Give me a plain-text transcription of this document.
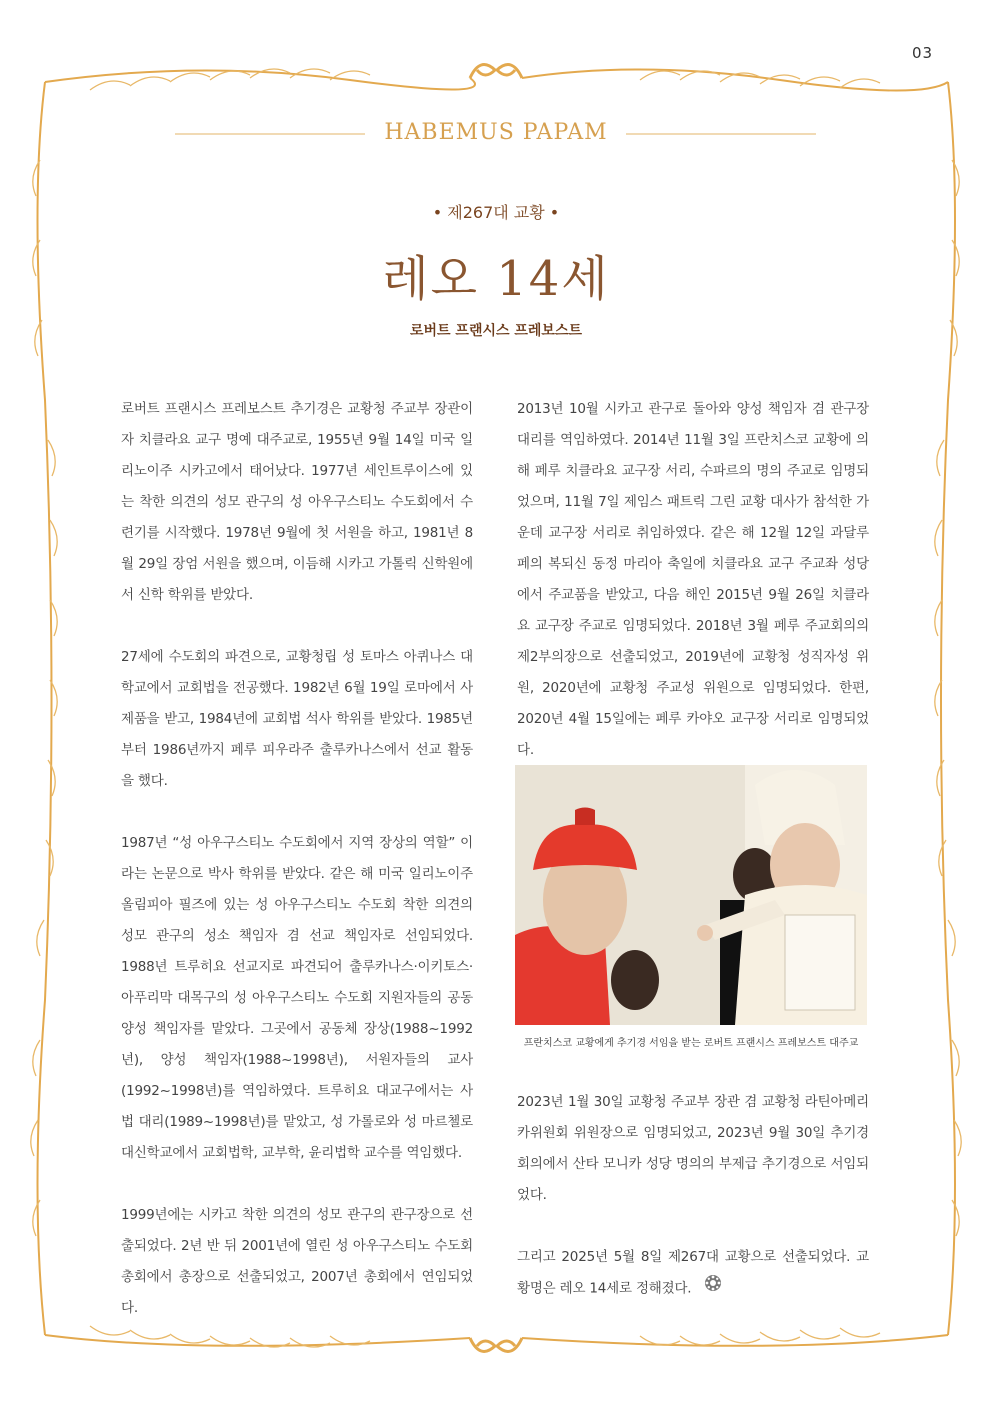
03
HABEMUS PAPAM
• 제267대 교황 •
레오 14세
로버트 프랜시스 프레보스트

로버트 프랜시스 프레보스트 추기경은 교황청 주교부 장관이자 치클라요 교구 명예 대주교로, 1955년 9월 14일 미국 일리노이주 시카고에서 태어났다. 1977년 세인트루이스에 있는 착한 의견의 성모 관구의 성 아우구스티노 수도회에서 수련기를 시작했다. 1978년 9월에 첫 서원을 하고, 1981년 8월 29일 장엄 서원을 했으며, 이듬해 시카고 가톨릭 신학원에서 신학 학위를 받았다.

27세에 수도회의 파견으로, 교황청립 성 토마스 아퀴나스 대학교에서 교회법을 전공했다. 1982년 6월 19일 로마에서 사제품을 받고, 1984년에 교회법 석사 학위를 받았다. 1985년부터 1986년까지 페루 피우라주 출루카나스에서 선교 활동을 했다.

1987년 “성 아우구스티노 수도회에서 지역 장상의 역할” 이라는 논문으로 박사 학위를 받았다. 같은 해 미국 일리노이주 올림피아 필즈에 있는 성 아우구스티노 수도회 착한 의견의 성모 관구의 성소 책임자 겸 선교 책임자로 선임되었다. 1988년 트루히요 선교지로 파견되어 출루카나스·이키토스·아푸리막 대목구의 성 아우구스티노 수도회 지원자들의 공동 양성 책임자를 맡았다. 그곳에서 공동체 장상(1988~1992년), 양성 책임자(1988~1998년), 서원자들의 교사(1992~1998년)를 역임하였다. 트루히요 대교구에서는 사법 대리(1989~1998년)를 맡았고, 성 가롤로와 성 마르첼로 대신학교에서 교회법학, 교부학, 윤리법학 교수를 역임했다.

1999년에는 시카고 착한 의견의 성모 관구의 관구장으로 선출되었다. 2년 반 뒤 2001년에 열린 성 아우구스티노 수도회 총회에서 총장으로 선출되었고, 2007년 총회에서 연임되었다.

2013년 10월 시카고 관구로 돌아와 양성 책임자 겸 관구장 대리를 역임하였다. 2014년 11월 3일 프란치스코 교황에 의해 페루 치클라요 교구장 서리, 수파르의 명의 주교로 임명되었으며, 11월 7일 제임스 패트릭 그린 교황 대사가 참석한 가운데 교구장 서리로 취임하였다. 같은 해 12월 12일 과달루페의 복되신 동정 마리아 축일에 치클라요 교구 주교좌 성당에서 주교품을 받았고, 다음 해인 2015년 9월 26일 치클라요 교구장 주교로 임명되었다. 2018년 3월 페루 주교회의의 제2부의장으로 선출되었고, 2019년에 교황청 성직자성 위원, 2020년에 교황청 주교성 위원으로 임명되었다. 한편, 2020년 4월 15일에는 페루 카야오 교구장 서리로 임명되었다.

프란치스코 교황에게 추기경 서임을 받는 로버트 프랜시스 프레보스트 대주교

2023년 1월 30일 교황청 주교부 장관 겸 교황청 라틴아메리카위원회 위원장으로 임명되었고, 2023년 9월 30일 추기경 회의에서 산타 모니카 성당 명의의 부제급 추기경으로 서임되었다.

그리고 2025년 5월 8일 제267대 교황으로 선출되었다. 교황명은 레오 14세로 정해졌다.
